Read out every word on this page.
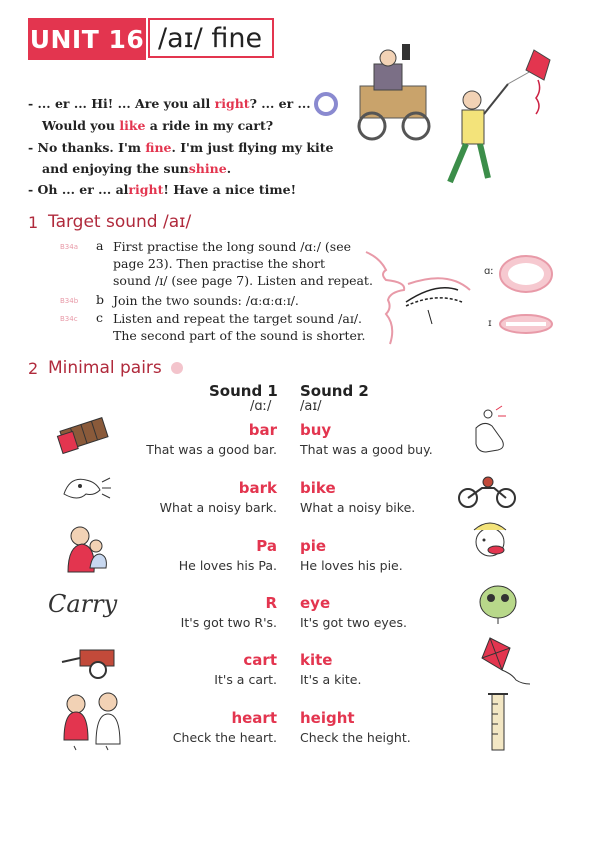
UNIT 16 /aɪ/ fine
- ... er ... Hi! ... Are you all right? ... er ...
Would you like a ride in my cart?
- No thanks. I'm fine. I'm just flying my kite
and enjoying the sunshine.
- Oh ... er ... alright! Have a nice time!
1 Target sound /aɪ/
B34a a First practise the long sound /ɑː/ (see
page 23). Then practise the short
sound /ɪ/ (see page 7). Listen and repeat.
B34b b Join the two sounds: /ɑːɑːɑːɪ/.
B34c c Listen and repeat the target sound /aɪ/.
The second part of the sound is shorter.
ɑː
ɪ
2 Minimal pairs
Sound 1
/ɑː/
Sound 2
/aɪ/
bar
That was a good bar.
buy
That was a good buy.
bark
What a noisy bark.
bike
What a noisy bike.
Pa
He loves his Pa.
pie
He loves his pie.
R
It's got two R's.
eye
It's got two eyes.
cart
It's a cart.
kite
It's a kite.
heart
Check the heart.
height
Check the height.
Carry
